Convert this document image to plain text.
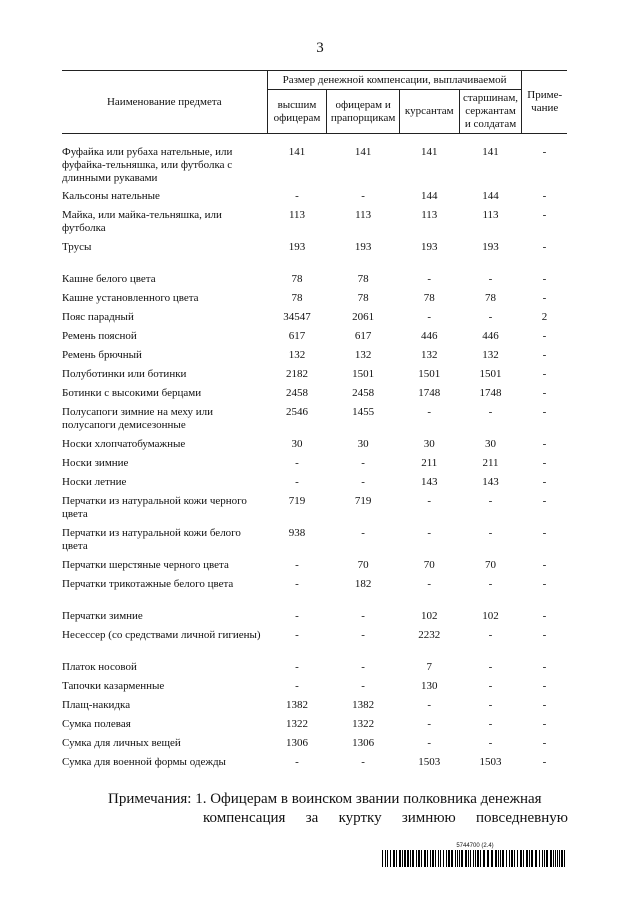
3
Наименование предмета	Размер денежной компенсации, выплачиваемой				Приме-чание
	высшим офицерам	офицерам и прапорщикам	курсантам	старшинам, сержантам и солдатам	

Фуфайка или рубаха нательные, или фуфайка-тельняшка, или футболка с длинными рукавами	141	141	141	141	-
Кальсоны нательные	-	-	144	144	-
Майка, или майка-тельняшка, или футболка	113	113	113	113	-
Трусы	193	193	193	193	-
Кашне белого цвета	78	78	-	-	-
Кашне установленного цвета	78	78	78	78	-
Пояс парадный	34547	2061	-	-	2
Ремень поясной	617	617	446	446	-
Ремень брючный	132	132	132	132	-
Полуботинки или ботинки	2182	1501	1501	1501	-
Ботинки с высокими берцами	2458	2458	1748	1748	-
Полусапоги зимние на меху или полусапоги демисезонные	2546	1455	-	-	-
Носки хлопчатобумажные	30	30	30	30	-
Носки зимние	-	-	211	211	-
Носки летние	-	-	143	143	-
Перчатки из натуральной кожи черного цвета	719	719	-	-	-
Перчатки из натуральной кожи белого цвета	938	-	-	-	-
Перчатки шерстяные черного цвета	-	70	70	70	-
Перчатки трикотажные белого цвета	-	182	-	-	-
Перчатки зимние	-	-	102	102	-
Несессер (со средствами личной гигиены)	-	-	2232	-	-
Платок носовой	-	-	7	-	-
Тапочки казарменные	-	-	130	-	-
Плащ-накидка	1382	1382	-	-	-
Сумка полевая	1322	1322	-	-	-
Сумка для личных вещей	1306	1306	-	-	-
Сумка для военной формы одежды	-	-	1503	1503	-
Примечания: 1. Офицерам в воинском звании полковника денежная
компенсация за куртку зимнюю повседневную
5744700 (2.4)
